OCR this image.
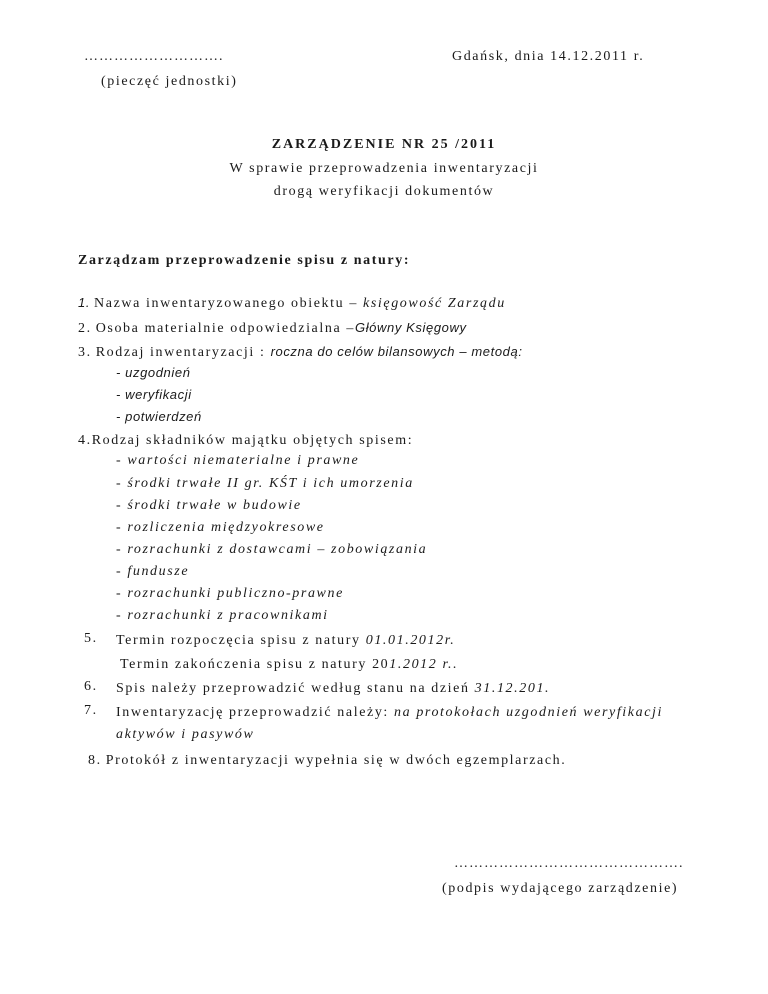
……………………….
(pieczęć jednostki)
Gdańsk, dnia 14.12.2011 r.
ZARZĄDZENIE NR 25 /2011
W sprawie przeprowadzenia inwentaryzacji
drogą weryfikacji dokumentów
Zarządzam przeprowadzenie spisu z natury:
1. Nazwa inwentaryzowanego obiektu – księgowość Zarządu
2. Osoba materialnie odpowiedzialna –Główny Księgowy
3. Rodzaj inwentaryzacji : roczna do celów bilansowych – metodą:
- uzgodnień
- weryfikacji
- potwierdzeń
4.Rodzaj składników majątku objętych spisem:
- wartości niematerialne i prawne
- środki trwałe II gr. KŚT i ich umorzenia
- środki trwałe w budowie
- rozliczenia międzyokresowe
- rozrachunki z dostawcami – zobowiązania
- fundusze
- rozrachunki publiczno-prawne
- rozrachunki z pracownikami
5. Termin rozpoczęcia spisu z natury 01.01.2012r.
Termin zakończenia spisu z natury 201.2012 r..
6. Spis należy przeprowadzić według stanu na dzień 31.12.201.
7. Inwentaryzację przeprowadzić należy: na protokołach uzgodnień weryfikacji
aktywów i pasywów
8. Protokół z inwentaryzacji wypełnia się w dwóch egzemplarzach.
……………………………………….
(podpis wydającego zarządzenie)
